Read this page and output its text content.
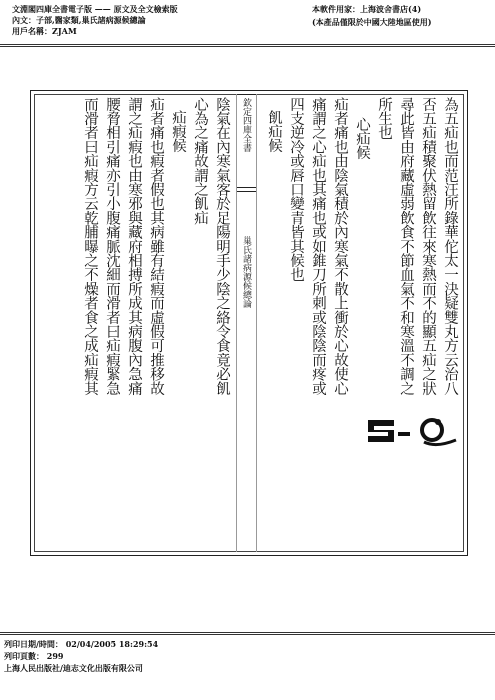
文淵閣四庫全書電子版 —— 原文及全文檢索版
內文：子部,醫家類,巢氏諸病源候總論
用戶名稱：ZJAM
本軟件用家：上海波舍書店(4)
(本產品僅限於中國大陸地區使用)
為五疝也而范汪所錄華佗太一決疑雙丸方云治八
否五疝積聚伏熱留飲往來寒熱而不的顯五疝之狀
尋此皆由府藏虛弱飲食不節血氣不和寒溫不調之
所生也
心疝候
疝者痛也由陰氣積於內寒氣不散上衝於心故使心
痛謂之心疝也其痛也或如錐刀所刺或陰陰而疼或
四支逆冷或唇口變青皆其候也
飢疝候
欽定四庫全書
巢氏諸病源候總論
陰氣在內寒氣客於足陽明手少陰之絡令食竟必飢
心為之痛故謂之飢疝
疝瘕候
疝者痛也瘕者假也其病雖有結瘕而虛假可推移故
謂之疝瘕也由寒邪與藏府相搏所成其病腹內急痛
腰脅相引痛亦引小腹痛脈沈細而滑者曰疝瘕緊急
而滑者曰疝瘕方云乾脯曝之不燥者食之成疝瘕其
列印日期/時間： 02/04/2005 18:29:54
列印頁數： 299
上海人民出版社/迪志文化出版有限公司
